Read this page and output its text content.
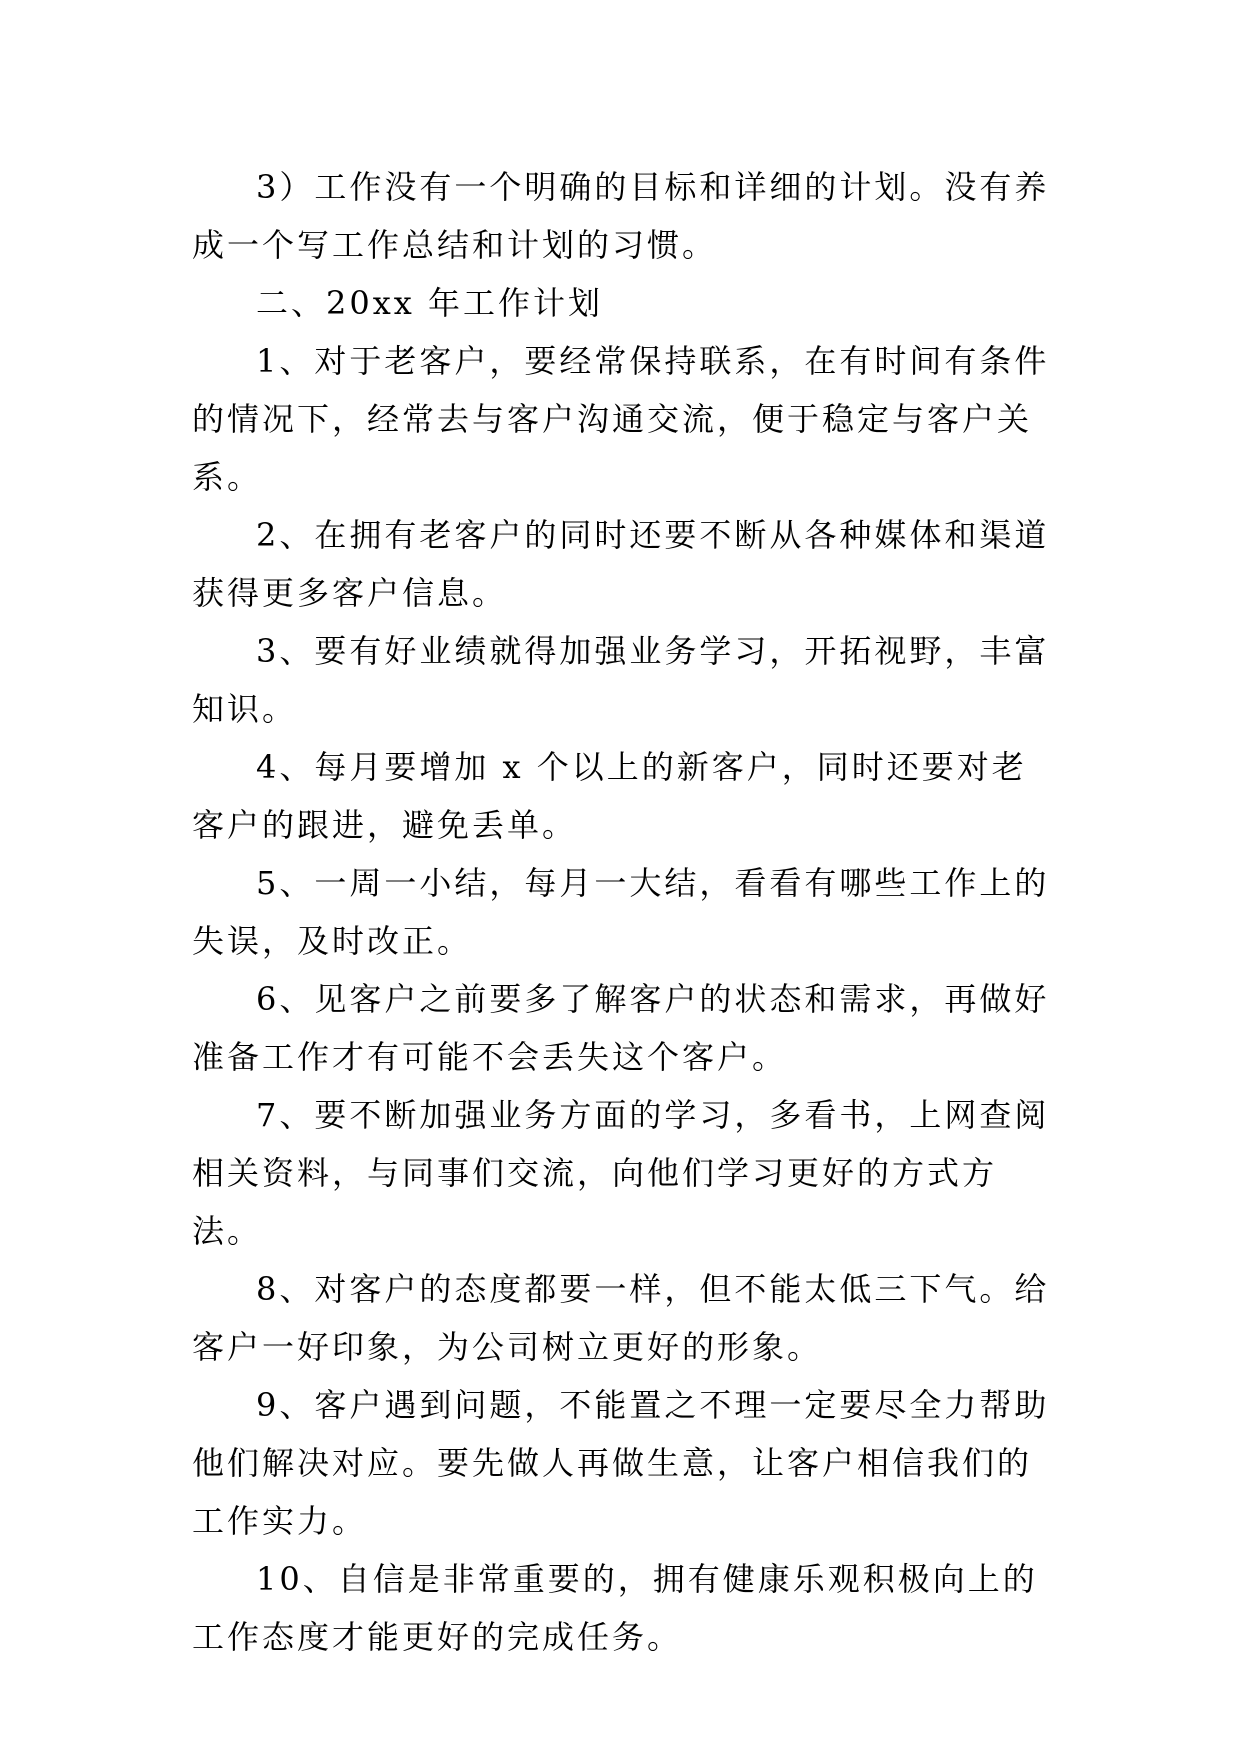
3）工作没有一个明确的目标和详细的计划。没有养成一个写工作总结和计划的习惯。

二、20xx 年工作计划

1、对于老客户，要经常保持联系，在有时间有条件的情况下，经常去与客户沟通交流，便于稳定与客户关系。

2、在拥有老客户的同时还要不断从各种媒体和渠道获得更多客户信息。

3、要有好业绩就得加强业务学习，开拓视野，丰富知识。

4、每月要增加 x 个以上的新客户，同时还要对老客户的跟进，避免丢单。

5、一周一小结，每月一大结，看看有哪些工作上的失误，及时改正。

6、见客户之前要多了解客户的状态和需求，再做好准备工作才有可能不会丢失这个客户。

7、要不断加强业务方面的学习，多看书，上网查阅相关资料，与同事们交流，向他们学习更好的方式方法。

8、对客户的态度都要一样，但不能太低三下气。给客户一好印象，为公司树立更好的形象。

9、客户遇到问题，不能置之不理一定要尽全力帮助他们解决对应。要先做人再做生意，让客户相信我们的工作实力。

10、自信是非常重要的，拥有健康乐观积极向上的工作态度才能更好的完成任务。
